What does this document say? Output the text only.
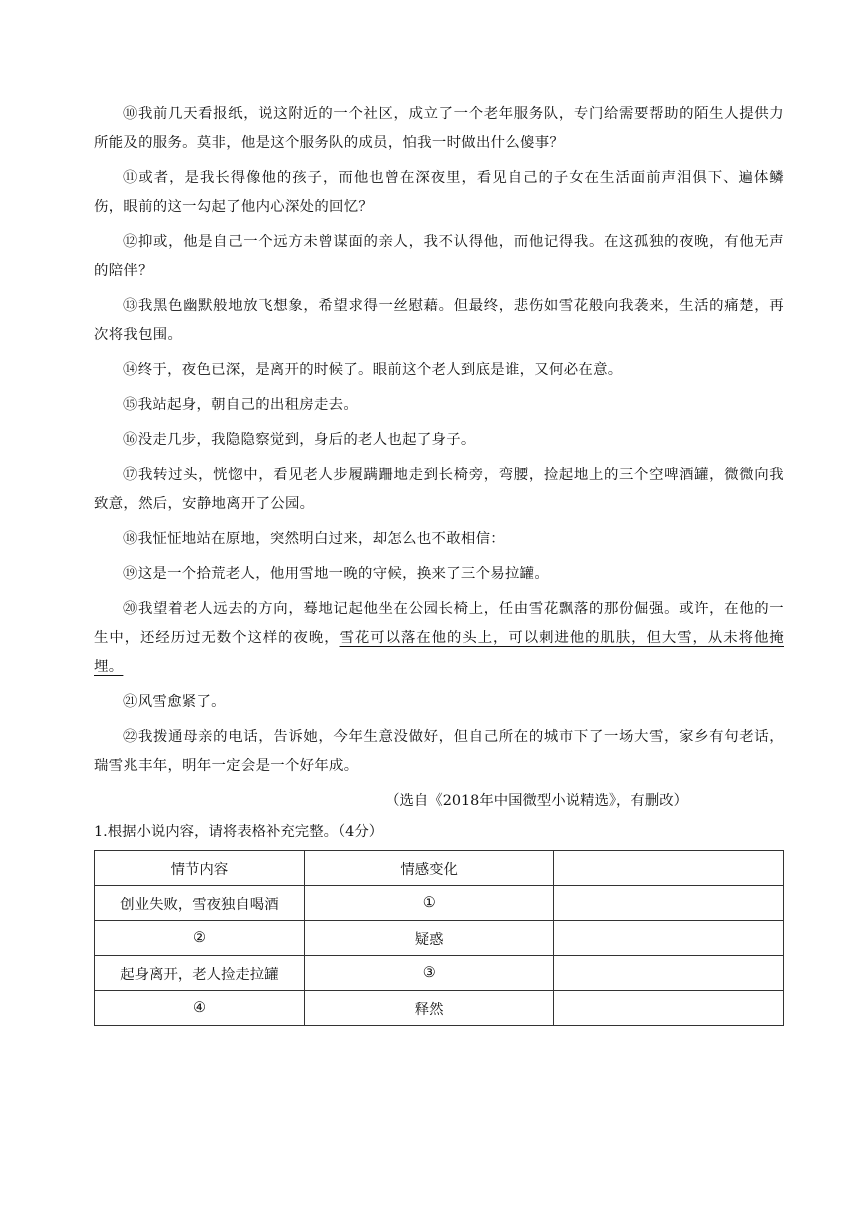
⑩我前几天看报纸，说这附近的一个社区，成立了一个老年服务队，专门给需要帮助的陌生人提供力所能及的服务。莫非，他是这个服务队的成员，怕我一时做出什么傻事？

⑪或者，是我长得像他的孩子，而他也曾在深夜里，看见自己的子女在生活面前声泪俱下、遍体鳞伤，眼前的这一勾起了他内心深处的回忆？

⑫抑或，他是自己一个远方未曾谋面的亲人，我不认得他，而他记得我。在这孤独的夜晚，有他无声的陪伴？

⑬我黑色幽默般地放飞想象，希望求得一丝慰藉。但最终，悲伤如雪花般向我袭来，生活的痛楚，再次将我包围。

⑭终于，夜色已深，是离开的时候了。眼前这个老人到底是谁，又何必在意。

⑮我站起身，朝自己的出租房走去。

⑯没走几步，我隐隐察觉到，身后的老人也起了身子。

⑰我转过头，恍惚中，看见老人步履蹒跚地走到长椅旁，弯腰，捡起地上的三个空啤酒罐，微微向我致意，然后，安静地离开了公园。

⑱我怔怔地站在原地，突然明白过来，却怎么也不敢相信：

⑲这是一个拾荒老人，他用雪地一晚的守候，换来了三个易拉罐。

⑳我望着老人远去的方向，蓦地记起他坐在公园长椅上，任由雪花飘落的那份倔强。或许，在他的一生中，还经历过无数个这样的夜晚，雪花可以落在他的头上，可以刺进他的肌肤，但大雪，从未将他掩埋。

㉑风雪愈紧了。

㉒我拨通母亲的电话，告诉她，今年生意没做好，但自己所在的城市下了一场大雪，家乡有句老话，瑞雪兆丰年，明年一定会是一个好年成。

（选自《2018年中国微型小说精选》，有删改）

1.根据小说内容，请将表格补充完整。（4分）

情节内容	情感变化	
创业失败，雪夜独自喝酒	①	
②	疑惑	
起身离开，老人捡走拉罐	③	
④	释然	
